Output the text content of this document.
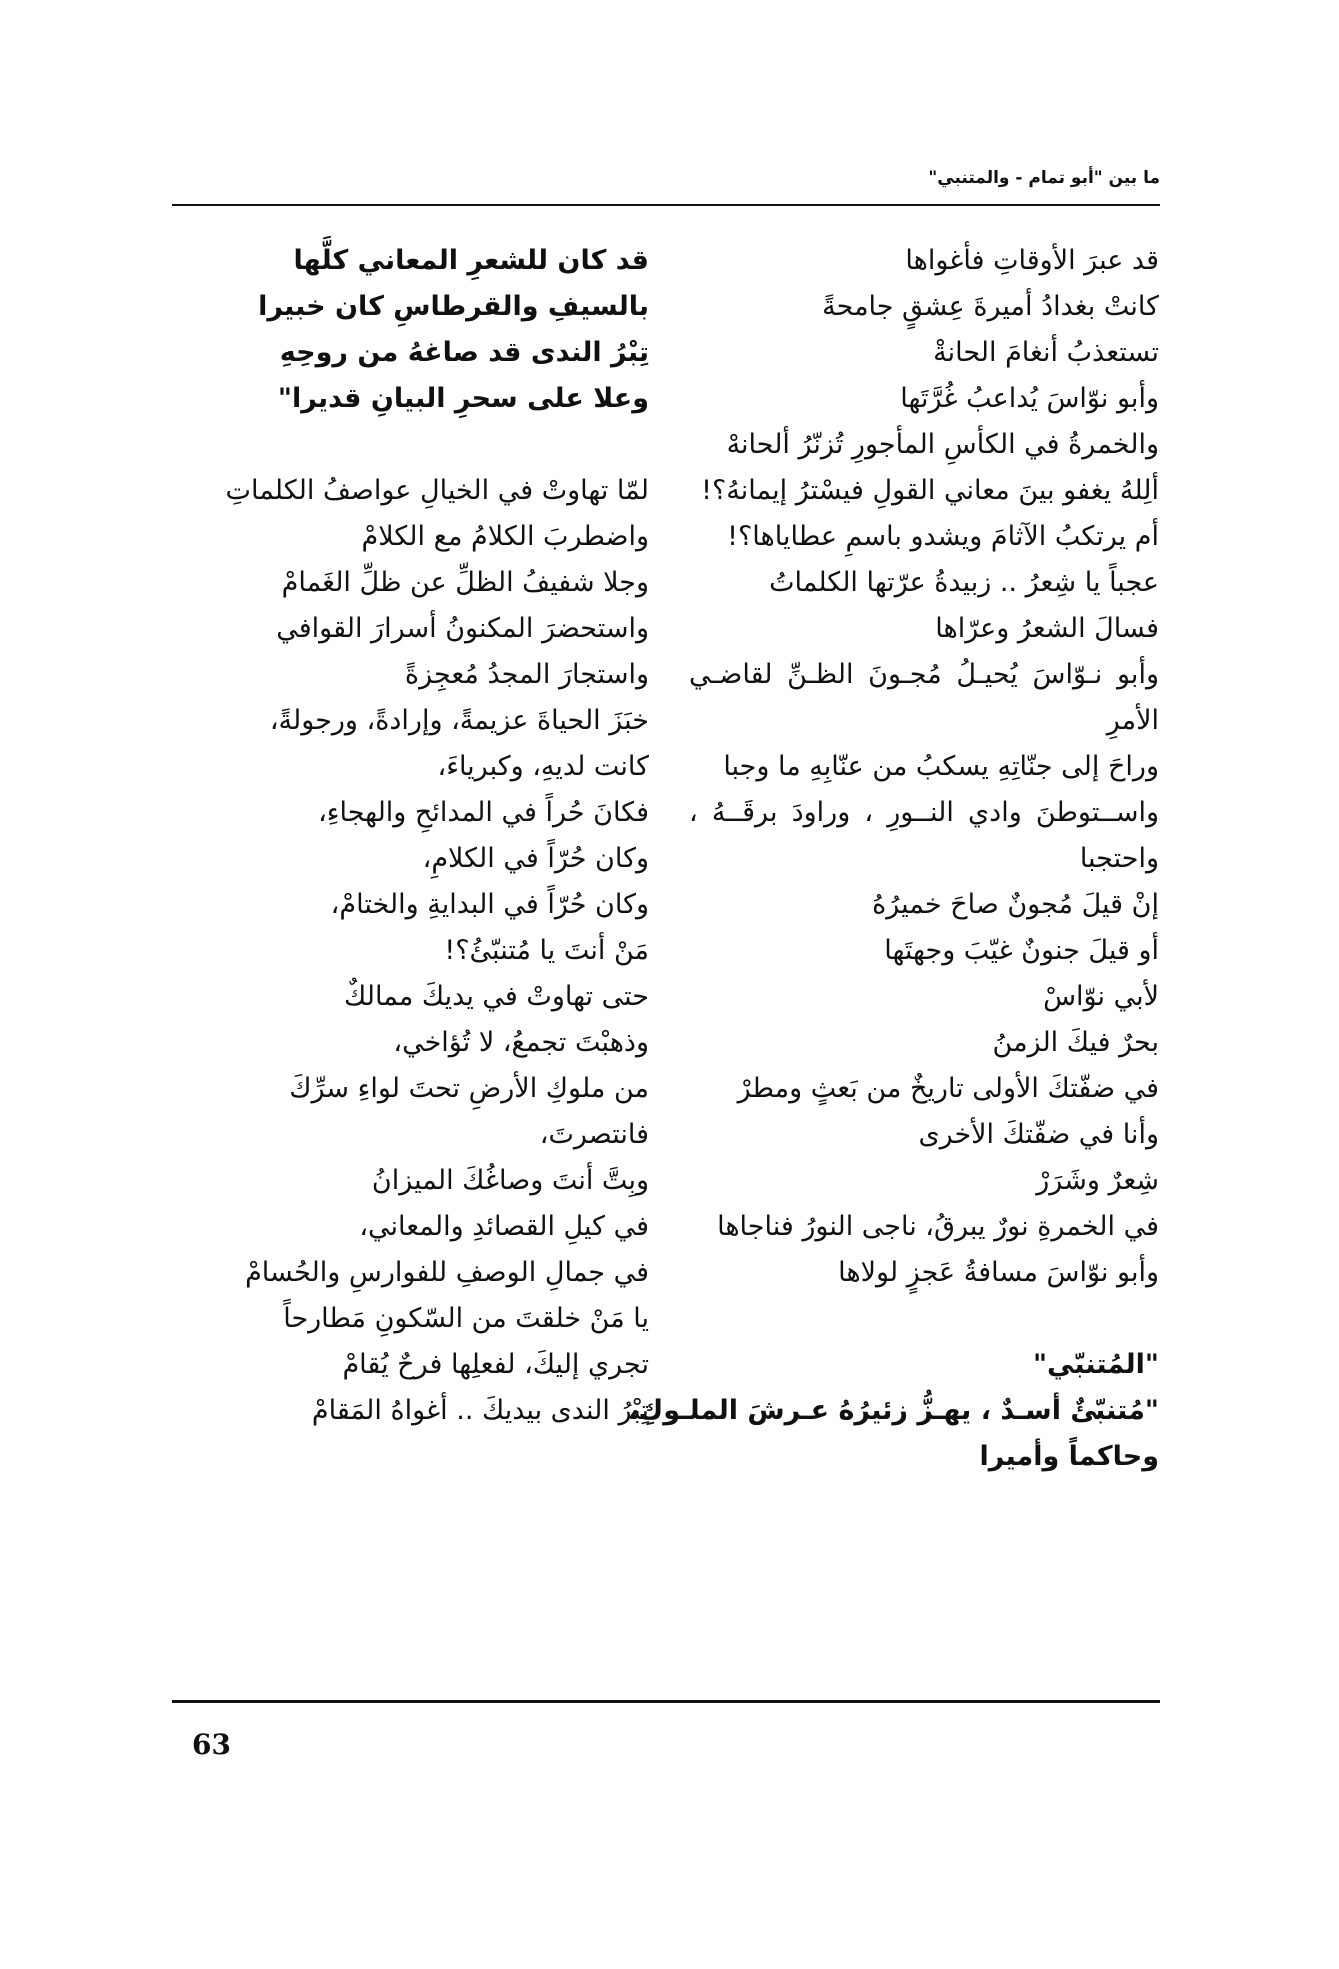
ما بين "أبو تمام - والمتنبي"
قد عبرَ الأوقاتِ فأغواها
كانتْ بغدادُ أميرةَ عِشقٍ جامحةً
تستعذبُ أنغامَ الحانةْ
وأبو نوّاسَ يُداعبُ غُرَّتَها
والخمرةُ في الكأسِ المأجورِ تُزنّرُ ألحانهْ
ألِلهُ يغفو بينَ معاني القولِ فيسْترُ إيمانهُ؟!
أم يرتكبُ الآثامَ ويشدو باسمِ عطاياها؟!
عجباً يا شِعرُ .. زبيدةُ عرّتها الكلماتُ
فسالَ الشعرُ وعرّاها
وأبو نـوّاسَ يُحيـلُ مُجـونَ الظـنِّ لقاضـي
الأمرِ
وراحَ إلى جنّاتِهِ يسكبُ من عنّابِهِ ما وجبا
واســتوطنَ وادي النــورِ ، وراودَ برقَــهُ ،
واحتجبا
إنْ قيلَ مُجونٌ صاحَ خميرُهُ
أو قيلَ جنونٌ غيّبَ وجهتَها
لأبي نوّاسْ
بحرٌ فيكَ الزمنُ
في ضفّتكَ الأولى تاريخٌ من بَعثٍ ومطرْ
وأنا في ضفّتكَ الأخرى
شِعرٌ وشَرَرْ
في الخمرةِ نورٌ يبرقُ، ناجى النورُ فناجاها
وأبو نوّاسَ مسافةُ عَجزٍ لولاها
"المُتنبّي"
"مُتنبّئٌ أسـدٌ ، يهـزُّ زئيرُهُ عـرشَ الملـوكِ،
وحاكماً وأميرا
قد كان للشعرِ المعاني كلَّها
بالسيفِ والقرطاسِ كان خبيرا
تِبْرُ الندى قد صاغهُ من روحِهِ
وعلا على سحرِ البيانِ قديرا"
لمّا تهاوتْ في الخيالِ عواصفُ الكلماتِ
واضطربَ الكلامُ مع الكلامْ
وجلا شفيفُ الظلِّ عن ظلِّ الغَمامْ
واستحضرَ المكنونُ أسرارَ القوافي
واستجارَ المجدُ مُعجِزةً
خبَزَ الحياةَ عزيمةً، وإرادةً، ورجولةً،
كانت لديهِ، وكبرياءَ،
فكانَ حُراً في المدائحِ والهجاءِ،
وكان حُرّاً في الكلامِ،
وكان حُرّاً في البدايةِ والختامْ،
مَنْ أنتَ يا مُتنبّئُ؟!
حتى تهاوتْ في يديكَ ممالكٌ
وذهبْتَ تجمعُ، لا تُؤاخي،
من ملوكِ الأرضِ تحتَ لواءِ سرِّكَ
فانتصرتَ،
وبِتَّ أنتَ وصاغُكَ الميزانُ
في كيلِ القصائدِ والمعاني،
في جمالِ الوصفِ للفوارسِ والحُسامْ
يا مَنْ خلقتَ من السّكونِ مَطارحاً
تجري إليكَ، لفعلِها فرحٌ يُقامْ
تِبْرُ الندى بيديكَ .. أغواهُ المَقامْ
63
